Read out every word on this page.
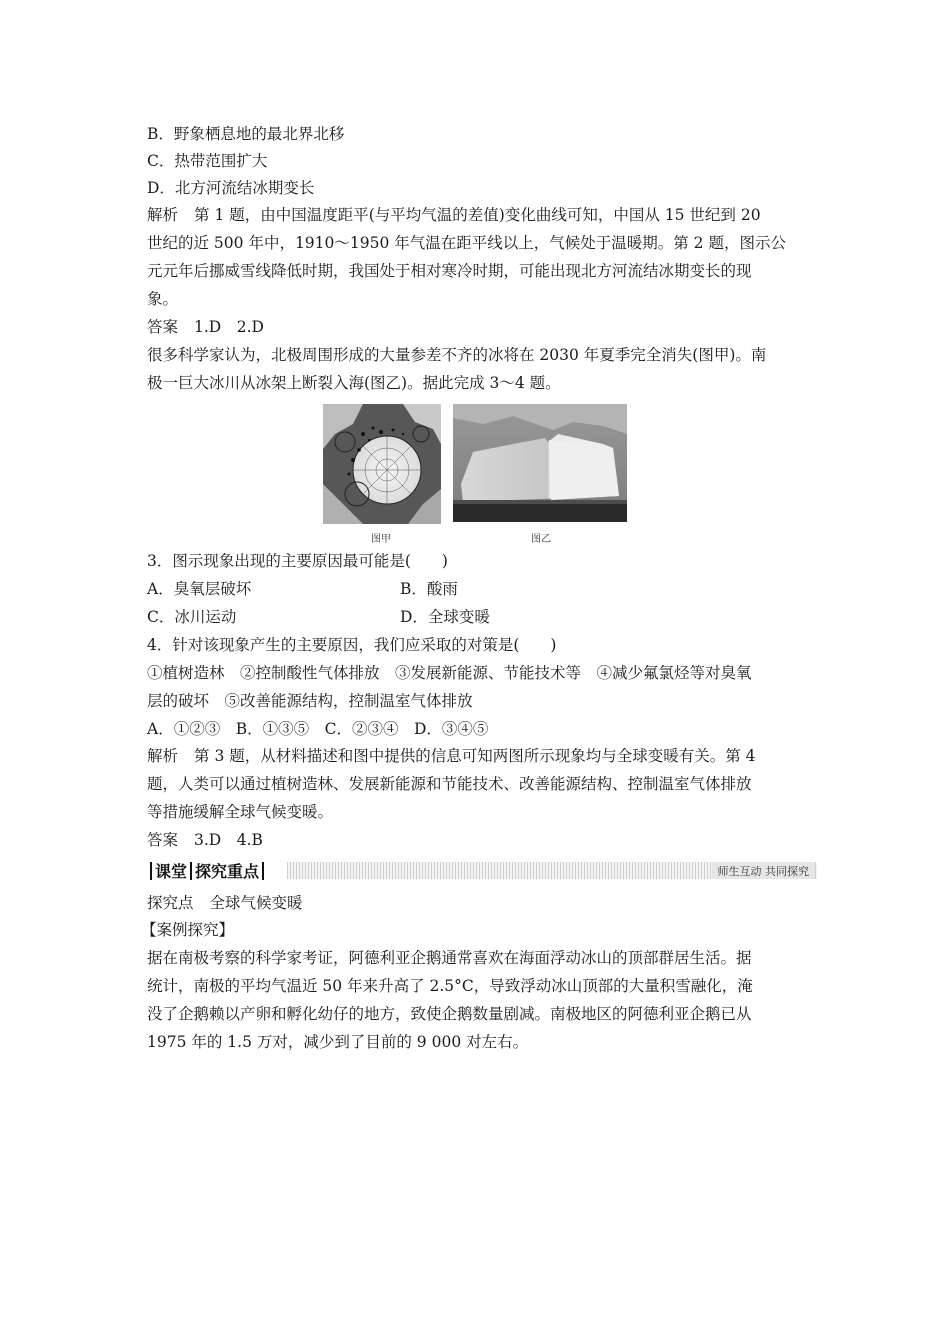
B．野象栖息地的最北界北移
C．热带范围扩大
D．北方河流结冰期变长
解析 第 1 题，由中国温度距平(与平均气温的差值)变化曲线可知，中国从 15 世纪到 20
世纪的近 500 年中，1910～1950 年气温在距平线以上，气候处于温暖期。第 2 题，图示公
元元年后挪威雪线降低时期，我国处于相对寒冷时期，可能出现北方河流结冰期变长的现
象。
答案 1.D　2.D
很多科学家认为，北极周围形成的大量参差不齐的冰将在 2030 年夏季完全消失(图甲)。南
极一巨大冰川从冰架上断裂入海(图乙)。据此完成 3～4 题。
图甲	图乙
3．图示现象出现的主要原因最可能是(　　)
A．臭氧层破坏	B．酸雨
C．冰川运动	D．全球变暖
4．针对该现象产生的主要原因，我们应采取的对策是(　　)
①植树造林　②控制酸性气体排放　③发展新能源、节能技术等　④减少氟氯烃等对臭氧
层的破坏　⑤改善能源结构，控制温室气体排放
A．①②③　B．①③⑤　C．②③④　D．③④⑤
解析 第 3 题，从材料描述和图中提供的信息可知两图所示现象均与全球变暖有关。第 4
题，人类可以通过植树造林、发展新能源和节能技术、改善能源结构、控制温室气体排放
等措施缓解全球气候变暖。
答案 3.D　4.B
课堂 探究重点	师生互动 共同探究
探究点 全球气候变暖
【案例探究】
据在南极考察的科学家考证，阿德利亚企鹅通常喜欢在海面浮动冰山的顶部群居生活。据
统计，南极的平均气温近 50 年来升高了 2.5°C，导致浮动冰山顶部的大量积雪融化，淹
没了企鹅赖以产卵和孵化幼仔的地方，致使企鹅数量剧减。南极地区的阿德利亚企鹅已从
1975 年的 1.5 万对，减少到了目前的 9 000 对左右。
